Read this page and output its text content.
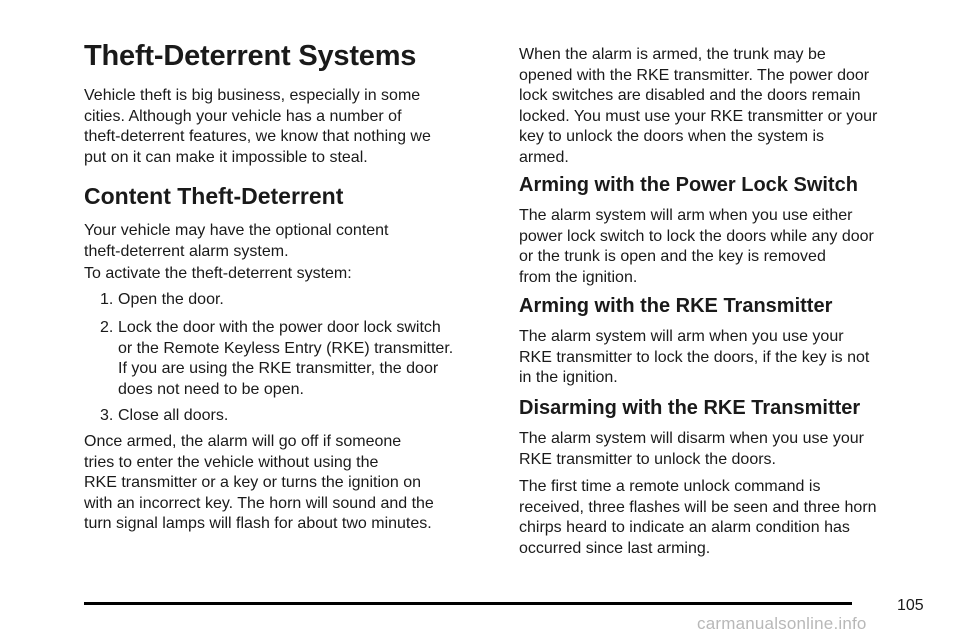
Theft-Deterrent Systems
Vehicle theft is big business, especially in some
cities. Although your vehicle has a number of
theft-deterrent features, we know that nothing we
put on it can make it impossible to steal.
Content Theft-Deterrent
Your vehicle may have the optional content
theft-deterrent alarm system.
To activate the theft-deterrent system:
1. Open the door.
2. Lock the door with the power door lock switch
or the Remote Keyless Entry (RKE) transmitter.
If you are using the RKE transmitter, the door
does not need to be open.
3. Close all doors.
Once armed, the alarm will go off if someone
tries to enter the vehicle without using the
RKE transmitter or a key or turns the ignition on
with an incorrect key. The horn will sound and the
turn signal lamps will flash for about two minutes.
When the alarm is armed, the trunk may be
opened with the RKE transmitter. The power door
lock switches are disabled and the doors remain
locked. You must use your RKE transmitter or your
key to unlock the doors when the system is
armed.
Arming with the Power Lock Switch
The alarm system will arm when you use either
power lock switch to lock the doors while any door
or the trunk is open and the key is removed
from the ignition.
Arming with the RKE Transmitter
The alarm system will arm when you use your
RKE transmitter to lock the doors, if the key is not
in the ignition.
Disarming with the RKE Transmitter
The alarm system will disarm when you use your
RKE transmitter to unlock the doors.
The first time a remote unlock command is
received, three flashes will be seen and three horn
chirps heard to indicate an alarm condition has
occurred since last arming.
105
carmanualsonline.info
